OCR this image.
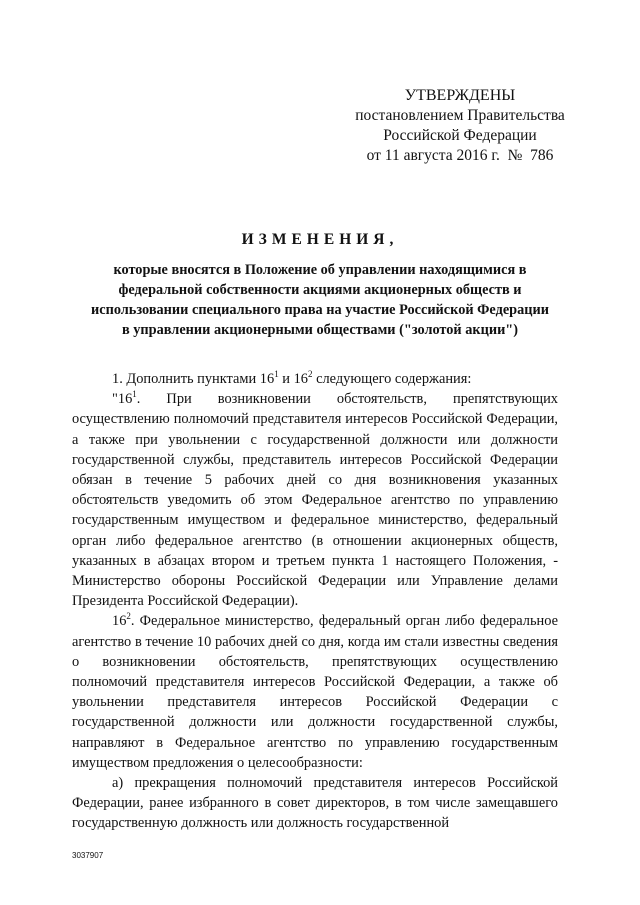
УТВЕРЖДЕНЫ
постановлением Правительства
Российской Федерации
от 11 августа 2016 г.  №  786
ИЗМЕНЕНИЯ,
которые вносятся в Положение об управлении находящимися в
федеральной собственности акциями акционерных обществ и
использовании специального права на участие Российской Федерации
в управлении акционерными обществами ("золотой акции")

1. Дополнить пунктами $16^1$ и $16^2$ следующего содержания:

"$16^1$. При возникновении обстоятельств, препятствующих осуществлению полномочий представителя интересов Российской Федерации, а также при увольнении с государственной должности или должности государственной службы, представитель интересов Российской Федерации обязан в течение 5 рабочих дней со дня возникновения указанных обстоятельств уведомить об этом Федеральное агентство по управлению государственным имуществом и федеральное министерство, федеральный орган либо федеральное агентство (в отношении акционерных обществ, указанных в абзацах втором и третьем пункта 1 настоящего Положения, - Министерство обороны Российской Федерации или Управление делами Президента Российской Федерации).

$16^2$. Федеральное министерство, федеральный орган либо федеральное агентство в течение 10 рабочих дней со дня, когда им стали известны сведения о возникновении обстоятельств, препятствующих осуществлению полномочий представителя интересов Российской Федерации, а также об увольнении представителя интересов Российской Федерации с государственной должности или должности государственной службы, направляют в Федеральное агентство по управлению государственным имуществом предложения о целесообразности:

а) прекращения полномочий представителя интересов Российской Федерации, ранее избранного в совет директоров, в том числе замещавшего государственную должность или должность государственной

3037907
